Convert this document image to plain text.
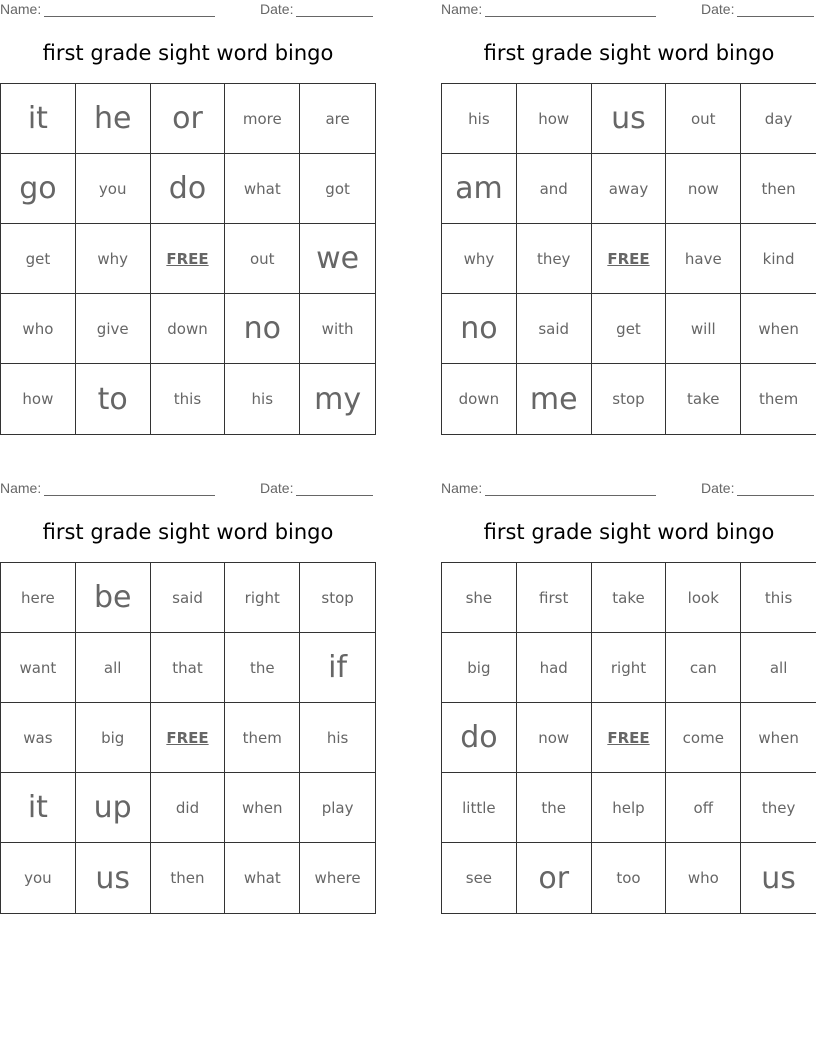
Name:	Date:
first grade sight word bingo
it	he	or	more	are
go	you	do	what	got
get	why	FREE	out	we
who	give	down	no	with
how	to	this	his	my
Name:	Date:
first grade sight word bingo
his	how	us	out	day
am	and	away	now	then
why	they	FREE	have	kind
no	said	get	will	when
down	me	stop	take	them
Name:	Date:
first grade sight word bingo
here	be	said	right	stop
want	all	that	the	if
was	big	FREE	them	his
it	up	did	when	play
you	us	then	what	where
Name:	Date:
first grade sight word bingo
she	first	take	look	this
big	had	right	can	all
do	now	FREE	come	when
little	the	help	off	they
see	or	too	who	us
